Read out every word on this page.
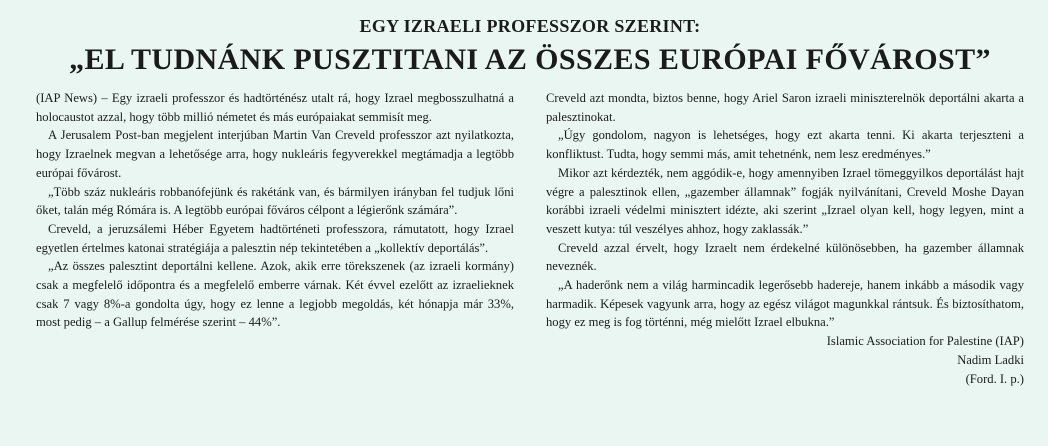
EGY IZRAELI PROFESSZOR SZERINT:
„EL TUDNÁNK PUSZTITANI AZ ÖSSZES EURÓPAI FŐVÁROST”

(IAP News) – Egy izraeli professzor és hadtörténész utalt rá, hogy Izrael megbosszulhatná a holocaustot azzal, hogy több millió németet és más európaiakat semmisít meg.

A Jerusalem Post-ban megjelent interjúban Martin Van Creveld professzor azt nyilatkozta, hogy Izraelnek megvan a lehetősége arra, hogy nukleáris fegyverekkel megtámadja a legtöbb európai fővárost.

„Több száz nukleáris robbanófejünk és rakétánk van, és bármilyen irányban fel tudjuk lőni őket, talán még Rómára is. A legtöbb európai főváros célpont a légierőnk számára”.

Creveld, a jeruzsálemi Héber Egyetem hadtörténeti professzora, rámutatott, hogy Izrael egyetlen értelmes katonai stratégiája a palesztin nép tekintetében a „kollektív deportálás”.

„Az összes palesztint deportálni kellene. Azok, akik erre törekszenek (az izraeli kormány) csak a megfelelő időpontra és a megfelelő emberre várnak. Két évvel ezelőtt az izraelieknek csak 7 vagy 8%-a gondolta úgy, hogy ez lenne a legjobb megoldás, két hónapja már 33%, most pedig – a Gallup felmérése szerint – 44%”.

Creveld azt mondta, biztos benne, hogy Ariel Saron izraeli miniszterelnök deportálni akarta a palesztinokat.

„Úgy gondolom, nagyon is lehetséges, hogy ezt akarta tenni. Ki akarta terjeszteni a konfliktust. Tudta, hogy semmi más, amit tehetnénk, nem lesz eredményes.”

Mikor azt kérdezték, nem aggódik-e, hogy amennyiben Izrael tömeggyilkos deportálást hajt végre a palesztinok ellen, „gazember államnak” fogják nyilvánítani, Creveld Moshe Dayan korábbi izraeli védelmi minisztert idézte, aki szerint „Izrael olyan kell, hogy legyen, mint a veszett kutya: túl veszélyes ahhoz, hogy zaklassák.”

Creveld azzal érvelt, hogy Izraelt nem érdekelné különösebben, ha gazember államnak neveznék.

„A haderőnk nem a világ harmincadik legerősebb hadereje, hanem inkább a második vagy harmadik. Képesek vagyunk arra, hogy az egész világot magunkkal rántsuk. És biztosíthatom, hogy ez meg is fog történni, még mielőtt Izrael elbukna.”

Islamic Association for Palestine (IAP)
Nadim Ladki
(Ford. I. p.)
